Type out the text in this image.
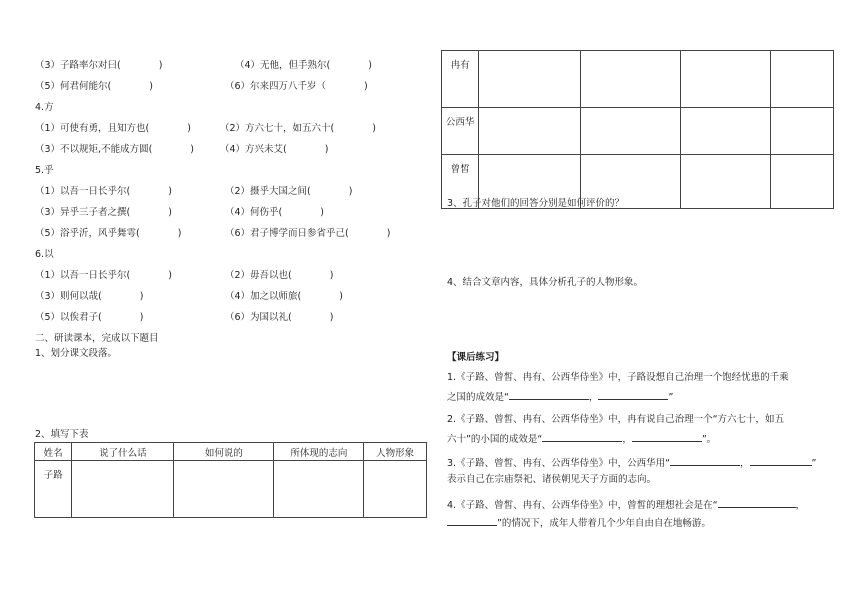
（3）子路率尔对曰(　　　　)	（4）无他，但手熟尔(　　　　)
（5）何君何能尔(　　　　)	（6）尔来四万八千岁（　　　　)
4.方
（1）可使有勇，且知方也(　　　　)	（2）方六七十，如五六十(　　　　)
（3）不以规矩,不能成方圆(　　　　)	（4）方兴未艾(　　　　)
5.乎
（1）以吾一日长乎尔(　　　　)	（2）摄乎大国之间(　　　　)
（3）异乎三子者之撰(　　　　)	（4）何伤乎(　　　　)
（5）浴乎沂，风乎舞雩(　　　　)	（6）君子博学而日参省乎己(　　　　)
6.以
（1）以吾一日长乎尔(　　　　)	（2）毋吾以也(　　　　)
（3）则何以哉(　　　　)	（4）加之以师旅(　　　　)
（5）以俟君子(　　　　)	（6）为国以礼(　　　　)
二、研读课本，完成以下题目
1、划分课文段落。
2、填写下表
姓名	说了什么话	如何说的	所体现的志向	人物形象
子路				
冉有				
公西华				
曾皙				
3、孔子对他们的回答分别是如何评价的？
4、结合文章内容，具体分析孔子的人物形象。
【课后练习】
1.《子路、曾皙、冉有、公西华侍坐》中，子路设想自己治理一个饱经忧患的千乘
之国的成效是“	，	”
2.《子路、曾皙、冉有、公西华侍坐》中，冉有说自己治理一个“方六七十，如五
六十”的小国的成效是“	，	”。
3.《子路、曾皙、冉有、公西华侍坐》中，公西华用“	，	”
表示自己在宗庙祭祀、诸侯朝见天子方面的志向。
4.《子路、曾皙、冉有、公西华侍坐》中，曾皙的理想社会是在“	，
”的情况下，成年人带着几个少年自由自在地畅游。
